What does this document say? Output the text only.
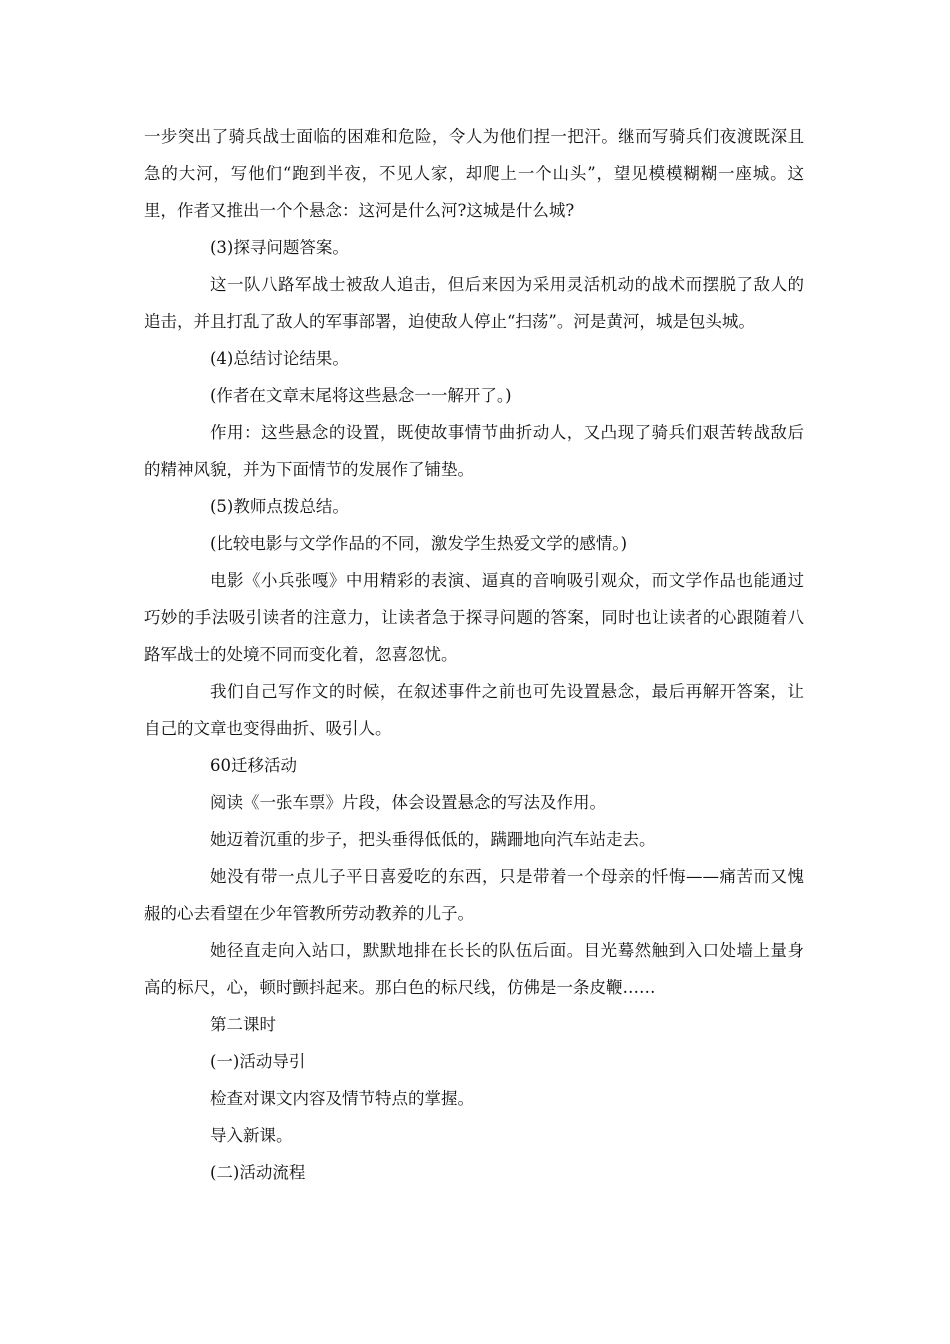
一步突出了骑兵战士面临的困难和危险，令人为他们捏一把汗。继而写骑兵们夜渡既深且
急的大河，写他们“跑到半夜，不见人家，却爬上一个山头”，望见模模糊糊一座城。这
里，作者又推出一个个悬念：这河是什么河?这城是什么城?
(3)探寻问题答案。
这一队八路军战士被敌人追击，但后来因为采用灵活机动的战术而摆脱了敌人的
追击，并且打乱了敌人的军事部署，迫使敌人停止“扫荡”。河是黄河，城是包头城。
(4)总结讨论结果。
(作者在文章末尾将这些悬念一一解开了。)
作用：这些悬念的设置，既使故事情节曲折动人，又凸现了骑兵们艰苦转战敌后
的精神风貌，并为下面情节的发展作了铺垫。
(5)教师点拨总结。
(比较电影与文学作品的不同，激发学生热爱文学的感情。)
电影《小兵张嘎》中用精彩的表演、逼真的音响吸引观众，而文学作品也能通过
巧妙的手法吸引读者的注意力，让读者急于探寻问题的答案，同时也让读者的心跟随着八
路军战士的处境不同而变化着，忽喜忽忧。
我们自己写作文的时候，在叙述事件之前也可先设置悬念，最后再解开答案，让
自己的文章也变得曲折、吸引人。
60迁移活动
阅读《一张车票》片段，体会设置悬念的写法及作用。
她迈着沉重的步子，把头垂得低低的，蹒跚地向汽车站走去。
她没有带一点儿子平日喜爱吃的东西，只是带着一个母亲的忏悔——痛苦而又愧
赧的心去看望在少年管教所劳动教养的儿子。
她径直走向入站口，默默地排在长长的队伍后面。目光蓦然触到入口处墙上量身
高的标尺，心，顿时颤抖起来。那白色的标尺线，仿佛是一条皮鞭……
第二课时
(一)活动导引
检查对课文内容及情节特点的掌握。
导入新课。
(二)活动流程
